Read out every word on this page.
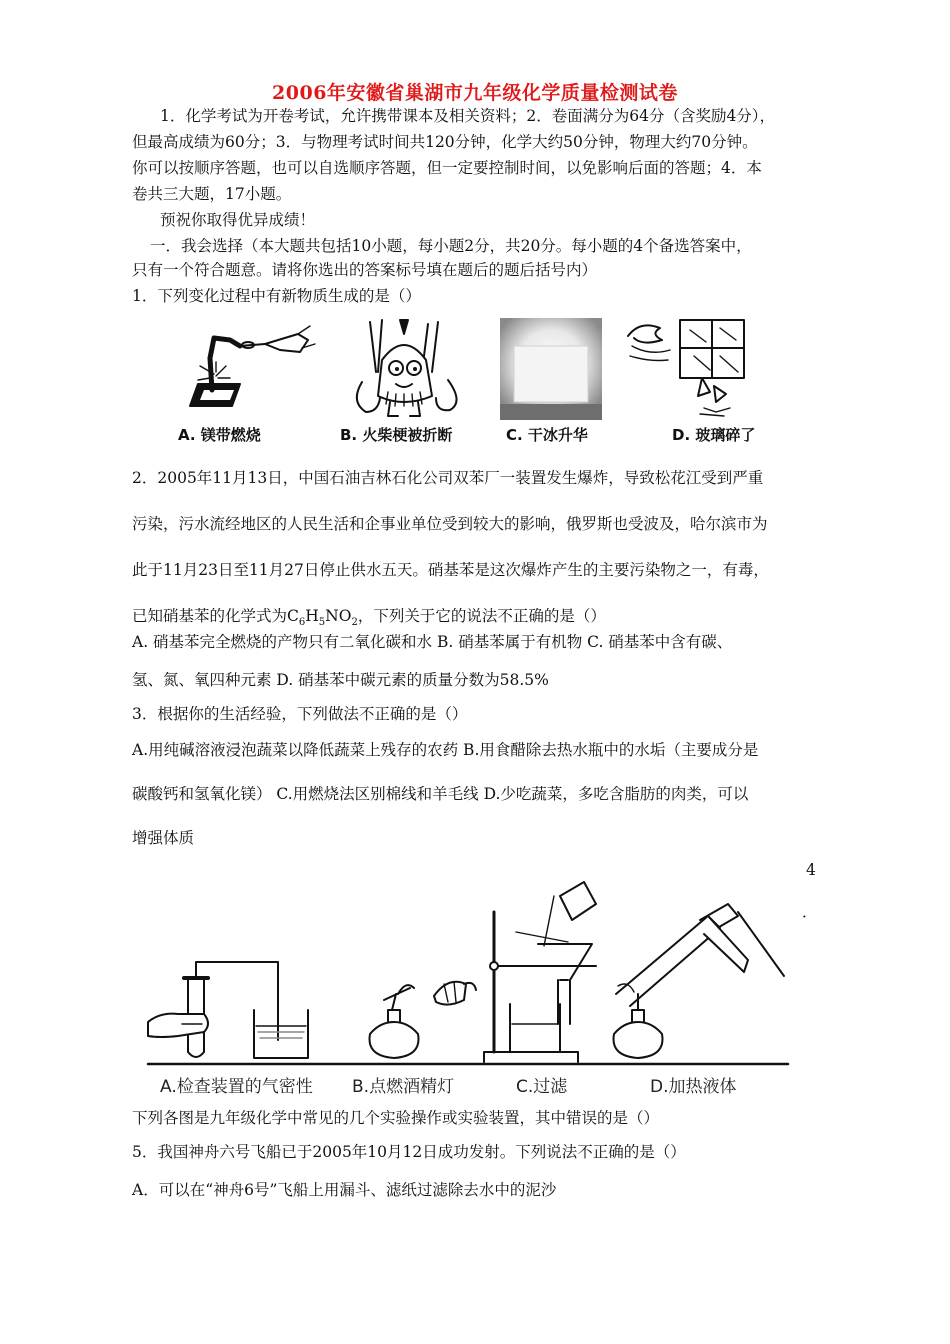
2006年安徽省巢湖市九年级化学质量检测试卷
1．化学考试为开卷考试，允许携带课本及相关资料；2．卷面满分为64分（含奖励4分），
但最高成绩为60分；3．与物理考试时间共120分钟，化学大约50分钟，物理大约70分钟。
你可以按顺序答题，也可以自选顺序答题，但一定要控制时间，以免影响后面的答题；4．本
卷共三大题，17小题。
预祝你取得优异成绩！
一．我会选择（本大题共包括10小题，每小题2分，共20分。每小题的4个备选答案中，
只有一个符合题意。请将你选出的答案标号填在题后的题后括号内）
1．下列变化过程中有新物质生成的是（）
A. 镁带燃烧	B. 火柴梗被折断	C. 干冰升华	D. 玻璃碎了
2．2005年11月13日，中国石油吉林石化公司双苯厂一装置发生爆炸，导致松花江受到严重
污染，污水流经地区的人民生活和企事业单位受到较大的影响，俄罗斯也受波及，哈尔滨市为
此于11月23日至11月27日停止供水五天。硝基苯是这次爆炸产生的主要污染物之一，有毒，
已知硝基苯的化学式为$C_6H_5NO_2$，下列关于它的说法不正确的是（）
A. 硝基苯完全燃烧的产物只有二氧化碳和水 B. 硝基苯属于有机物 C. 硝基苯中含有碳、
氢、氮、氧四种元素 D. 硝基苯中碳元素的质量分数为58.5%
3．根据你的生活经验，下列做法不正确的是（）
A.用纯碱溶液浸泡蔬菜以降低蔬菜上残存的农药 B.用食醋除去热水瓶中的水垢（主要成分是
碳酸钙和氢氧化镁） C.用燃烧法区别棉线和羊毛线 D.少吃蔬菜，多吃含脂肪的肉类，可以
增强体质
4
．
A.检查装置的气密性 B.点燃酒精灯	C.过滤	D.加热液体
下列各图是九年级化学中常见的几个实验操作或实验装置，其中错误的是（）
5．我国神舟六号飞船已于2005年10月12日成功发射。下列说法不正确的是（）
A．可以在“神舟6号”飞船上用漏斗、滤纸过滤除去水中的泥沙
